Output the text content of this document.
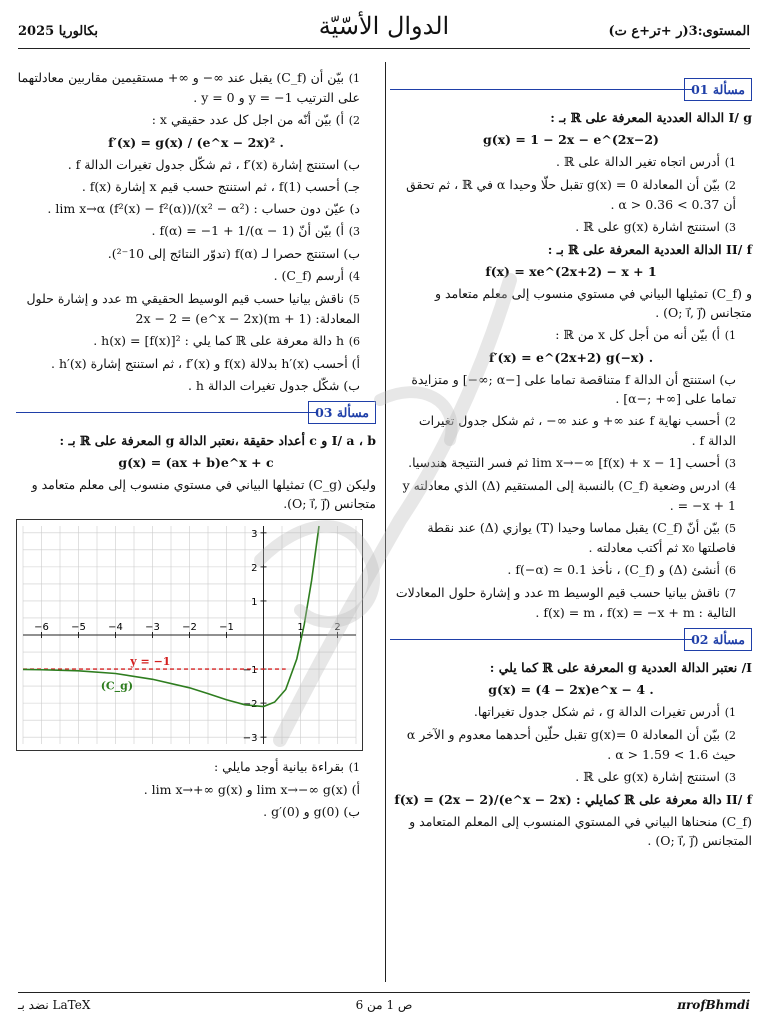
المستوى:3(ر +تر+ع ت)
الدوال الأسّيّة
بكالوريا 2025
مسألة 01

I/ g الدالة العددية المعرفة على ℝ بـ :

g(x) = 1 − 2x − e^(2x−2)

1)أدرس اتجاه تغير الدالة على ℝ .

2)بيّن أن المعادلة 0 = g(x) تقبل حلّا وحيدا α في ℝ ، ثم تحقق أن 0.37 > α > 0.36 .

3)استنتج اشارة g(x) على ℝ .

II/ f الدالة العددية المعرفة على ℝ بـ :

f(x) = xe^(2x+2) − x + 1

و (C_f) تمثيلها البياني في مستوي منسوب إلى معلم متعامد و متجانس (O; i⃗, j⃗) .

1)أ) بيّن أنه من أجل كل x من ℝ :

f′(x) = e^(2x+2) g(−x) .

ب) استنتج أن الدالة f متناقصة تماما على [−α ;∞−] و متزايدة تماما على [∞+ ;−α] .

2)أحسب نهاية f عند ∞+ و عند ∞− ، ثم شكل جدول تغيرات الدالة f .

3)أحسب lim x→−∞ [f(x) + x − 1] ثم فسر النتيجة هندسيا.

4)ادرس وضعية (C_f) بالنسبة إلى المستقيم (Δ) الذي معادلته y = −x + 1 .

5)بيّن أنّ (C_f) يقبل مماسا وحيدا (T) يوازي (Δ) عند نقطة فاصلتها x₀ ثم أكتب معادلته .

6)أنشئ (Δ) و (C_f) ، نأخذ f(−α) ≃ 0.1 .

7)ناقش بيانيا حسب قيم الوسيط m عدد و إشارة حلول المعادلات التالية : f(x) = m ، f(x) = −x + m .

مسألة 02

I/ نعتبر الدالة العددية g المعرفة على ℝ كما يلي :

g(x) = (4 − 2x)e^x − 4 .

1)أدرس تغيرات الدالة g ، ثم شكل جدول تغيراتها.

2)بيّن أن المعادلة 0 =g(x) تقبل حلّين أحدهما معدوم و الآخر α حيث 1.6 > α > 1.59 .

3)استنتج إشارة g(x) على ℝ .

II/ f دالة معرفة على ℝ كمايلي : f(x) = (2x − 2)/(e^x − 2x)

(C_f) منحناها البياني في المستوي المنسوب إلى المعلم المتعامد و المتجانس (O; i⃗, j⃗) .

1)بيّن أن (C_f) يقبل عند ∞− و ∞+ مستقيمين مقاربين معادلتهما على الترتيب y = −1 و y = 0 .

2)أ) بيّن أنّه من اجل كل عدد حقيقي x :

f′(x) = g(x) / (e^x − 2x)² .

ب) استنتج إشارة f′(x) ، ثم شكّل جدول تغيرات الدالة f .

جـ) أحسب f(1) ، ثم استنتج حسب قيم x إشارة f(x) .

د) عيّن دون حساب : lim x→α (f²(x) − f²(α))/(x² − α²) .

3)أ) بيّن أنّ f(α) = −1 + 1/(α − 1) .

ب) استنتج حصرا لـ f(α) (تدوّر النتائج إلى 10⁻²).

4)أرسم (C_f) .

5)ناقش بيانيا حسب قيم الوسيط الحقيقي m عدد و إشارة حلول المعادلة: 2x − 2 = (e^x − 2x)(m + 1)

6)h دالة معرفة على ℝ كما يلي : h(x) = [f(x)]² .

أ) أحسب h′(x) بدلالة f(x) و f′(x) ، ثم استنتج إشارة h′(x) .

ب) شكّل جدول تغيرات الدالة h .

مسألة 03

I/ a ، b و c أعداد حقيقة ،نعتبر الدالة g المعرفة على ℝ بـ :

g(x) = (ax + b)e^x + c

وليكن (C_g) تمثيلها البياني في مستوي منسوب إلى معلم متعامد و متجانس (O; i⃗, j⃗).

−6 −5 −4 −3 −2 −1	1	2
−3
−2
−1
1
2
3
y = −1
(C_g)

1)بقراءة بيانية أوجد مايلي :

أ) lim x→−∞ g(x) و lim x→+∞ g(x) .

ب) g(0) و g′(0) .

نضد بـ LaTeX	ص 1 من 6	πrofBhmdi
